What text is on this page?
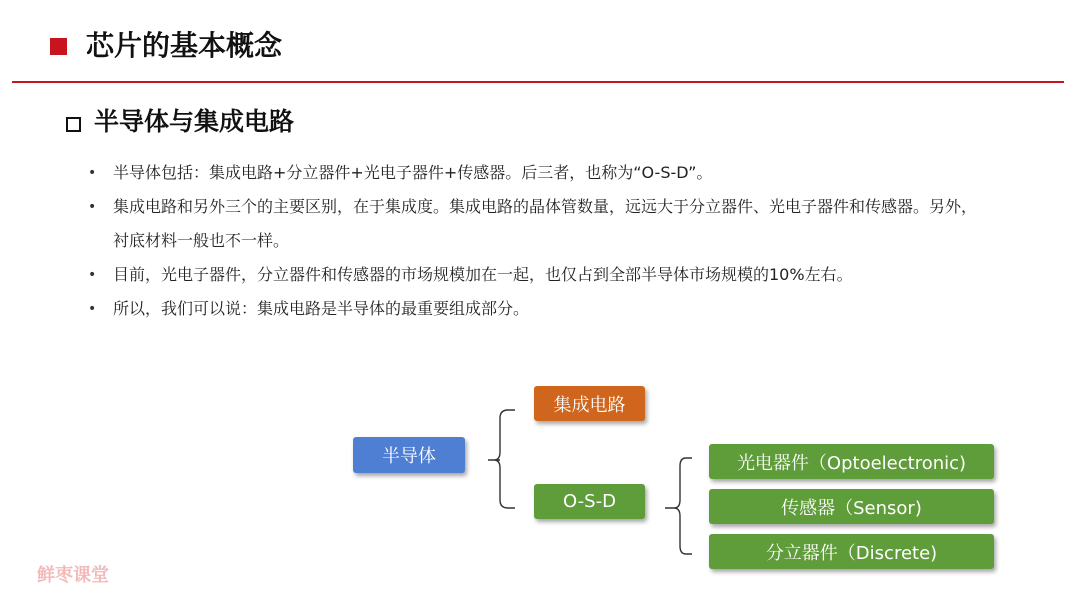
芯片的基本概念
半导体与集成电路
• 半导体包括：集成电路+分立器件+光电子器件+传感器。后三者，也称为“O-S-D”。
• 集成电路和另外三个的主要区别，在于集成度。集成电路的晶体管数量，远远大于分立器件、光电子器件和传感器。另外，衬底材料一般也不一样。
• 目前，光电子器件，分立器件和传感器的市场规模加在一起，也仅占到全部半导体市场规模的10%左右。
• 所以，我们可以说：集成电路是半导体的最重要组成部分。
半导体
集成电路
O-S-D
光电器件（Optoelectronic)
传感器（Sensor)
分立器件（Discrete)
鲜枣课堂
